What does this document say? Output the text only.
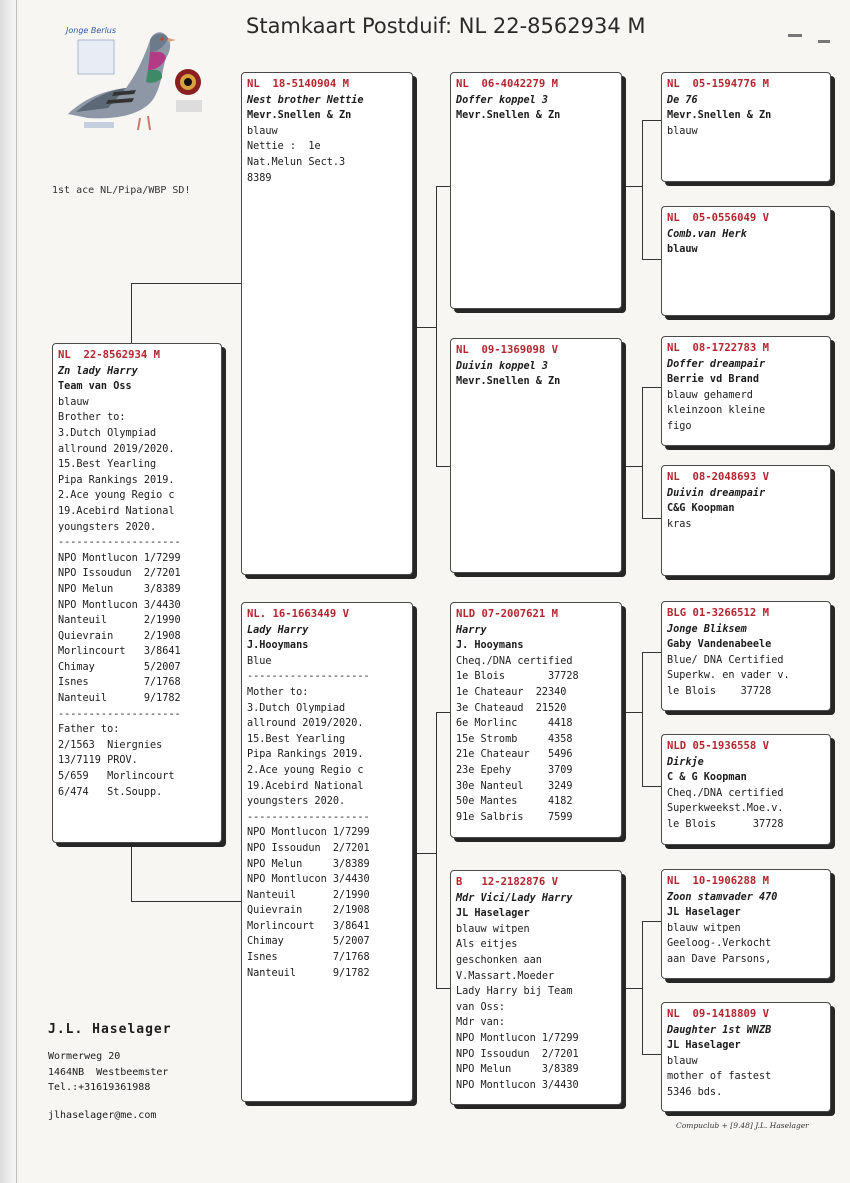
Stamkaart Postduif: NL 22-8562934 M
Jonge Berlus
1st ace NL/Pipa/WBP SD!
NL  22-8562934 M
Zn lady Harry
Team van Oss
blauw
Brother to:
3.Dutch Olympiad
allround 2019/2020.
15.Best Yearling
Pipa Rankings 2019.
2.Ace young Regio c
19.Acebird National
youngsters 2020.
--------------------
NPO Montlucon 1/7299
NPO Issoudun  2/7201
NPO Melun     3/8389
NPO Montlucon 3/4430
Nanteuil      2/1990
Quievrain     2/1908
Morlincourt   3/8641
Chimay        5/2007
Isnes         7/1768
Nanteuil      9/1782
--------------------
Father to:
2/1563  Niergnies
13/7119 PROV.
5/659   Morlincourt
6/474   St.Soupp.
NL  18-5140904 M
Nest brother Nettie
Mevr.Snellen & Zn
blauw
Nettie :  1e
Nat.Melun Sect.3
8389
NL. 16-1663449 V
Lady Harry
J.Hooymans
Blue
--------------------
Mother to:
3.Dutch Olympiad
allround 2019/2020.
15.Best Yearling
Pipa Rankings 2019.
2.Ace young Regio c
19.Acebird National
youngsters 2020.
--------------------
NPO Montlucon 1/7299
NPO Issoudun  2/7201
NPO Melun     3/8389
NPO Montlucon 3/4430
Nanteuil      2/1990
Quievrain     2/1908
Morlincourt   3/8641
Chimay        5/2007
Isnes         7/1768
Nanteuil      9/1782
NL  06-4042279 M
Doffer koppel 3
Mevr.Snellen & Zn
NL  09-1369098 V
Duivin koppel 3
Mevr.Snellen & Zn
NLD 07-2007621 M
Harry
J. Hooymans
Cheq./DNA certified
1e Blois       37728
1e Chateaur  22340
3e Chateaud  21520
6e Morlinc     4418
15e Stromb     4358
21e Chateaur   5496
23e Epehy      3709
30e Nanteul    3249
50e Mantes     4182
91e Salbris    7599
B   12-2182876 V
Mdr Vici/Lady Harry
JL Haselager
blauw witpen
Als eitjes
geschonken aan
V.Massart.Moeder
Lady Harry bij Team
van Oss:
Mdr van:
NPO Montlucon 1/7299
NPO Issoudun  2/7201
NPO Melun     3/8389
NPO Montlucon 3/4430
NL  05-1594776 M
De 76
Mevr.Snellen & Zn
blauw
NL  05-0556049 V
Comb.van Herk
blauw
NL  08-1722783 M
Doffer dreampair
Berrie vd Brand
blauw gehamerd
kleinzoon kleine
figo
NL  08-2048693 V
Duivin dreampair
C&G Koopman
kras
BLG 01-3266512 M
Jonge Bliksem
Gaby Vandenabeele
Blue/ DNA Certified
Superkw. en vader v.
le Blois    37728
NLD 05-1936558 V
Dirkje
C & G Koopman
Cheq./DNA certified
Superkweekst.Moe.v.
le Blois      37728
NL  10-1906288 M
Zoon stamvader 470
JL Haselager
blauw witpen
Geeloog-.Verkocht
aan Dave Parsons,
NL  09-1418809 V
Daughter 1st WNZB
JL Haselager
blauw
mother of fastest
5346 bds.
J.L. Haselager
Wormerweg 20
1464NB  Westbeemster
Tel.:+31619361988
jlhaselager@me.com
Compuclub + [9.48] J.L. Haselager
